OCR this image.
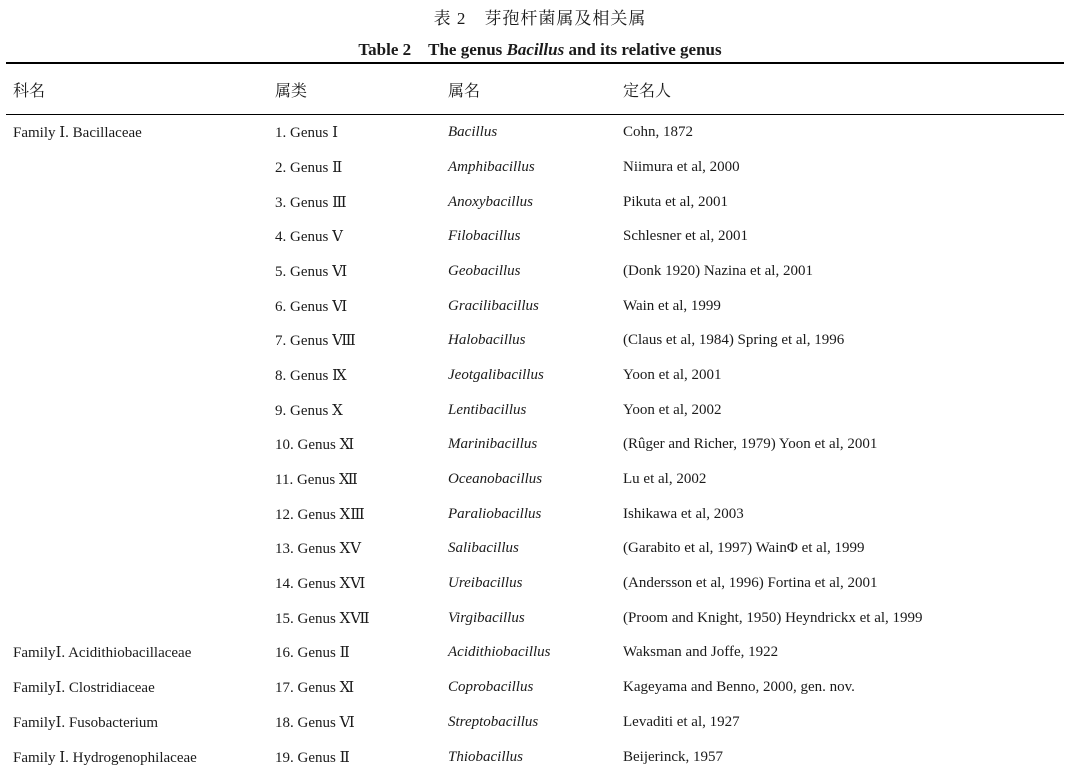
表 2　芽孢杆菌属及相关属
Table 2　The genus Bacillus and its relative genus
科名	属类	属名	定名人
Family Ⅰ. Bacillaceae	1. Genus Ⅰ	Bacillus	Cohn, 1872
	2. Genus Ⅱ	Amphibacillus	Niimura et al, 2000
	3. Genus Ⅲ	Anoxybacillus	Pikuta et al, 2001
	4. Genus Ⅴ	Filobacillus	Schlesner et al, 2001
	5. Genus Ⅵ	Geobacillus	(Donk 1920) Nazina et al, 2001
	6. Genus Ⅵ	Gracilibacillus	Wain et al, 1999
	7. Genus Ⅷ	Halobacillus	(Claus et al, 1984) Spring et al, 1996
	8. Genus Ⅸ	Jeotgalibacillus	Yoon et al, 2001
	9. Genus Ⅹ	Lentibacillus	Yoon et al, 2002
	10. Genus Ⅺ	Marinibacillus	(Rûger and Richer, 1979) Yoon et al, 2001
	11. Genus Ⅻ	Oceanobacillus	Lu et al, 2002
	12. Genus ⅩⅢ	Paraliobacillus	Ishikawa et al, 2003
	13. Genus ⅩⅤ	Salibacillus	(Garabito et al, 1997) WainΦ et al, 1999
	14. Genus ⅩⅥ	Ureibacillus	(Andersson et al, 1996) Fortina et al, 2001
	15. Genus ⅩⅦ	Virgibacillus	(Proom and Knight, 1950) Heyndrickx et al, 1999
FamilyⅠ. Acidithiobacillaceae	16. Genus Ⅱ	Acidithiobacillus	Waksman and Joffe, 1922
FamilyⅠ. Clostridiaceae	17. Genus Ⅺ	Coprobacillus	Kageyama and Benno, 2000, gen. nov.
FamilyⅠ. Fusobacterium	18. Genus Ⅵ	Streptobacillus	Levaditi et al, 1927
Family Ⅰ. Hydrogenophilaceae	19. Genus Ⅱ	Thiobacillus	Beijerinck, 1957
